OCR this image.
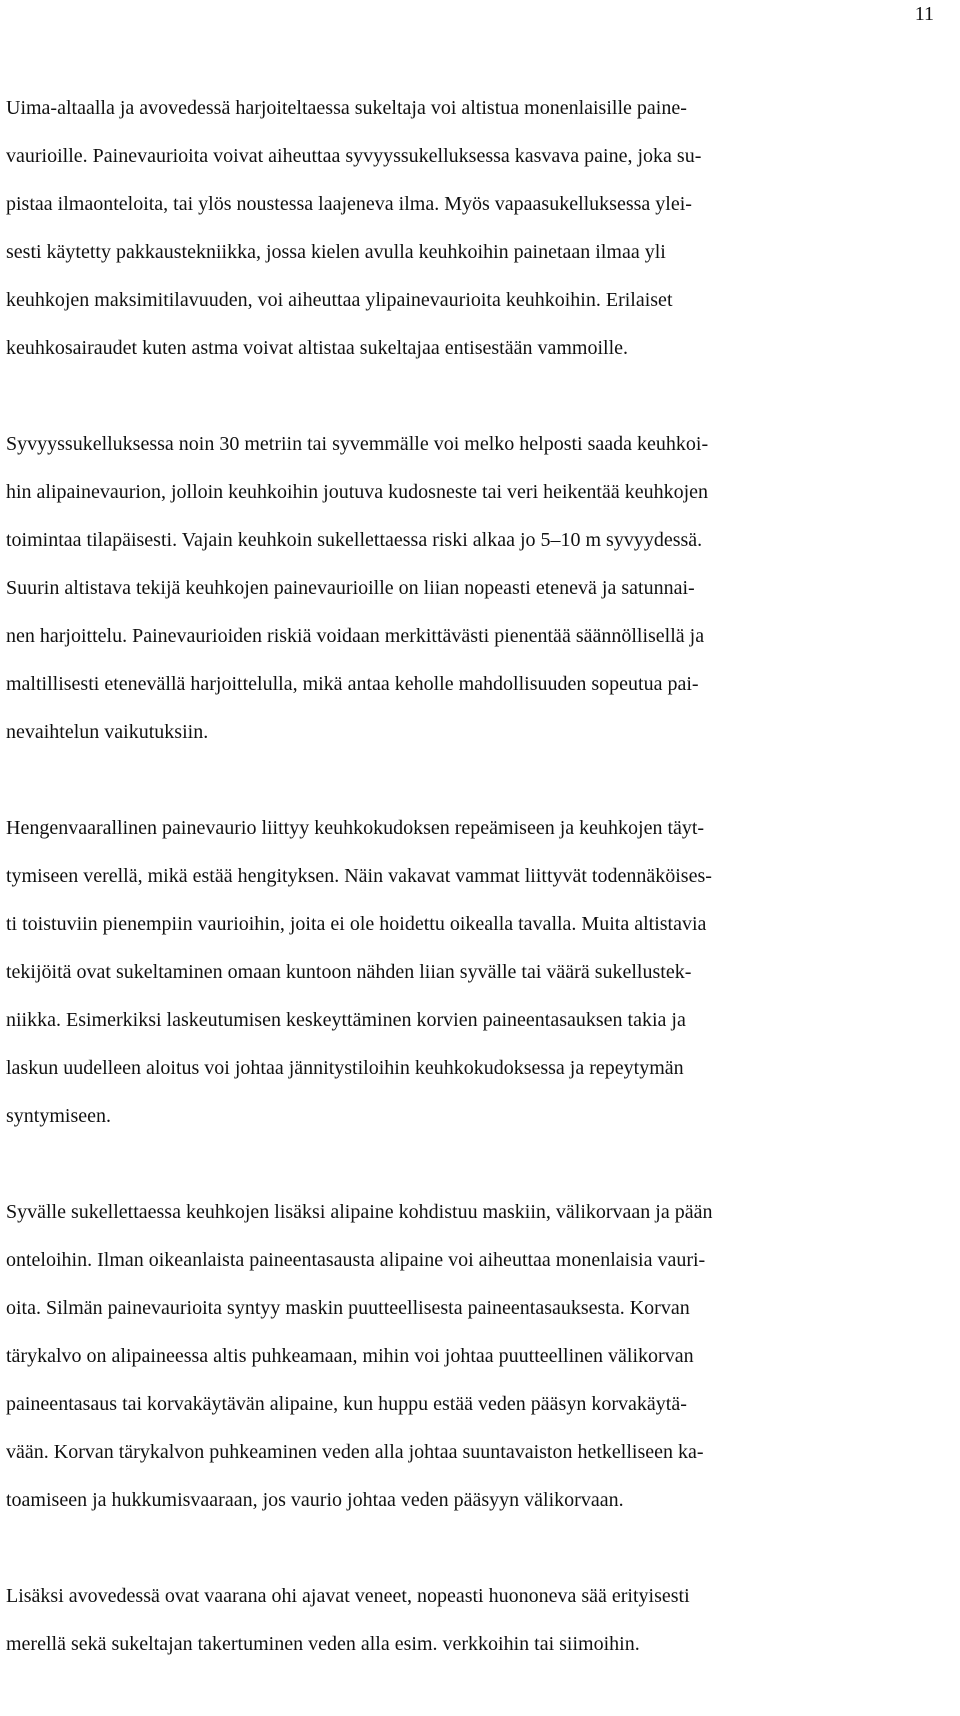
11

Uima-altaalla ja avovedessä harjoiteltaessa sukeltaja voi altistua monenlaisille paine-
vaurioille. Painevaurioita voivat aiheuttaa syvyyssukelluksessa kasvava paine, joka su-
pistaa ilmaonteloita, tai ylös noustessa laajeneva ilma. Myös vapaasukelluksessa ylei-
sesti käytetty pakkaustekniikka, jossa kielen avulla keuhkoihin painetaan ilmaa yli
keuhkojen maksimitilavuuden, voi aiheuttaa ylipainevaurioita keuhkoihin. Erilaiset
keuhkosairaudet kuten astma voivat altistaa sukeltajaa entisestään vammoille.

Syvyyssukelluksessa noin 30 metriin tai syvemmälle voi melko helposti saada keuhkoi-
hin alipainevaurion, jolloin keuhkoihin joutuva kudosneste tai veri heikentää keuhkojen
toimintaa tilapäisesti. Vajain keuhkoin sukellettaessa riski alkaa jo 5–10 m syvyydessä.
Suurin altistava tekijä keuhkojen painevaurioille on liian nopeasti etenevä ja satunnai-
nen harjoittelu. Painevaurioiden riskiä voidaan merkittävästi pienentää säännöllisellä ja
maltillisesti etenevällä harjoittelulla, mikä antaa keholle mahdollisuuden sopeutua pai-
nevaihtelun vaikutuksiin.

Hengenvaarallinen painevaurio liittyy keuhkokudoksen repeämiseen ja keuhkojen täyt-
tymiseen verellä, mikä estää hengityksen. Näin vakavat vammat liittyvät todennäköises-
ti toistuviin pienempiin vaurioihin, joita ei ole hoidettu oikealla tavalla. Muita altistavia
tekijöitä ovat sukeltaminen omaan kuntoon nähden liian syvälle tai väärä sukellustek-
niikka. Esimerkiksi laskeutumisen keskeyttäminen korvien paineentasauksen takia ja
laskun uudelleen aloitus voi johtaa jännitystiloihin keuhkokudoksessa ja repeytymän
syntymiseen.

Syvälle sukellettaessa keuhkojen lisäksi alipaine kohdistuu maskiin, välikorvaan ja pään
onteloihin. Ilman oikeanlaista paineentasausta alipaine voi aiheuttaa monenlaisia vauri-
oita. Silmän painevaurioita syntyy maskin puutteellisesta paineentasauksesta. Korvan
tärykalvo on alipaineessa altis puhkeamaan, mihin voi johtaa puutteellinen välikorvan
paineentasaus tai korvakäytävän alipaine, kun huppu estää veden pääsyn korvakäytä-
vään. Korvan tärykalvon puhkeaminen veden alla johtaa suuntavaiston hetkelliseen ka-
toamiseen ja hukkumisvaaraan, jos vaurio johtaa veden pääsyyn välikorvaan.

Lisäksi avovedessä ovat vaarana ohi ajavat veneet, nopeasti huononeva sää erityisesti
merellä sekä sukeltajan takertuminen veden alla esim. verkkoihin tai siimoihin.
